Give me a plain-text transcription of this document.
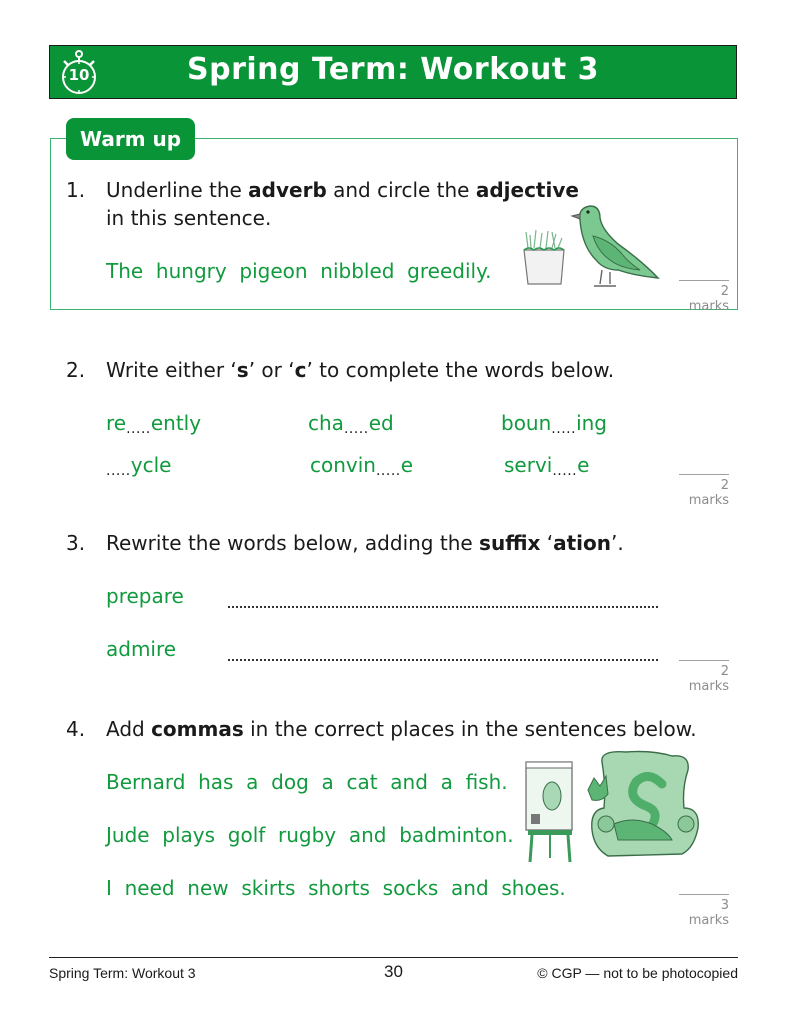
10	Spring Term: Workout 3
Warm up
1. Underline the adverb and circle the adjective
in this sentence.
The  hungry  pigeon  nibbled  greedily.
2 marks
2. Write either ‘s’ or ‘c’ to complete the words below.
re.....ently	cha.....ed	boun.....ing
.....ycle	convin.....e	servi.....e
2 marks
3. Rewrite the words below, adding the suffix ‘ation’.
prepare
admire
2 marks
4. Add commas in the correct places in the sentences below.
Bernard  has  a  dog  a  cat  and  a  fish.
Jude  plays  golf  rugby  and  badminton.
I  need  new  skirts  shorts  socks  and  shoes.
3 marks
Spring Term: Workout 3	30	© CGP — not to be photocopied
